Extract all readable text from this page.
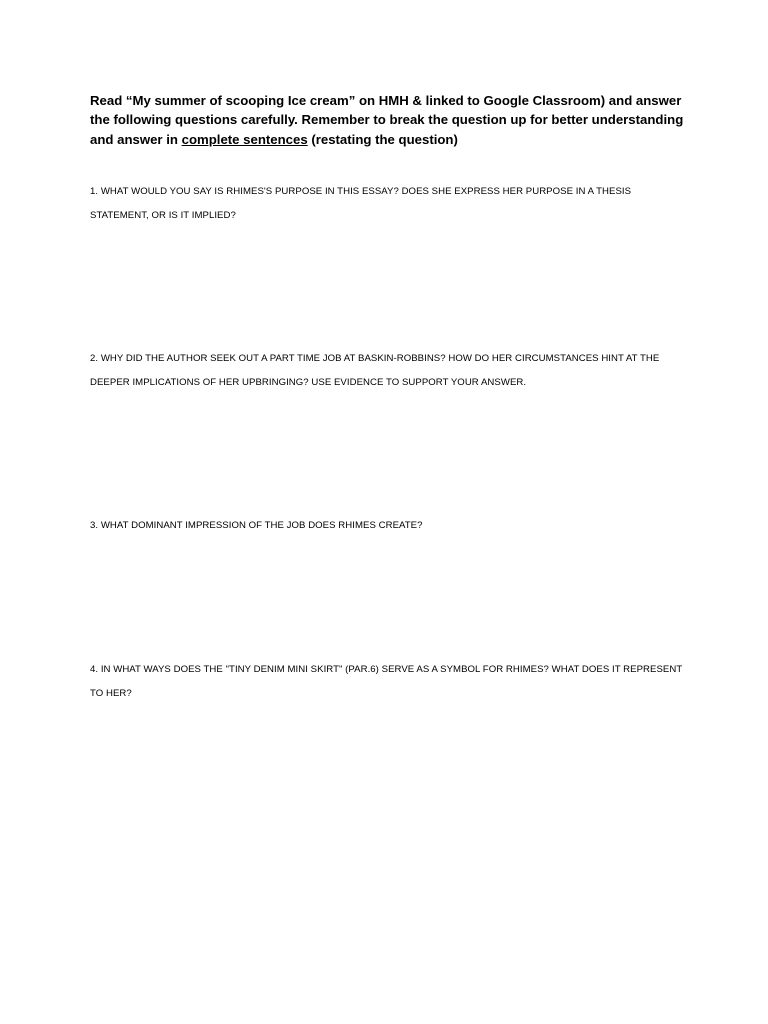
Read “My summer of scooping Ice cream” on HMH & linked to Google Classroom) and answer the following questions carefully. Remember to break the question up for better understanding and answer in complete sentences (restating the question)

1. WHAT WOULD YOU SAY IS RHIMES'S PURPOSE IN THIS ESSAY? DOES SHE EXPRESS HER PURPOSE IN A THESIS STATEMENT, OR IS IT IMPLIED?

2. WHY DID THE AUTHOR SEEK OUT A PART TIME JOB AT BASKIN-ROBBINS? HOW DO HER CIRCUMSTANCES HINT AT THE DEEPER IMPLICATIONS OF HER UPBRINGING? USE EVIDENCE TO SUPPORT YOUR ANSWER.

3. WHAT DOMINANT IMPRESSION OF THE JOB DOES RHIMES CREATE?

4. IN WHAT WAYS DOES THE "TINY DENIM MINI SKIRT" (PAR.6) SERVE AS A SYMBOL FOR RHIMES? WHAT DOES IT REPRESENT TO HER?
